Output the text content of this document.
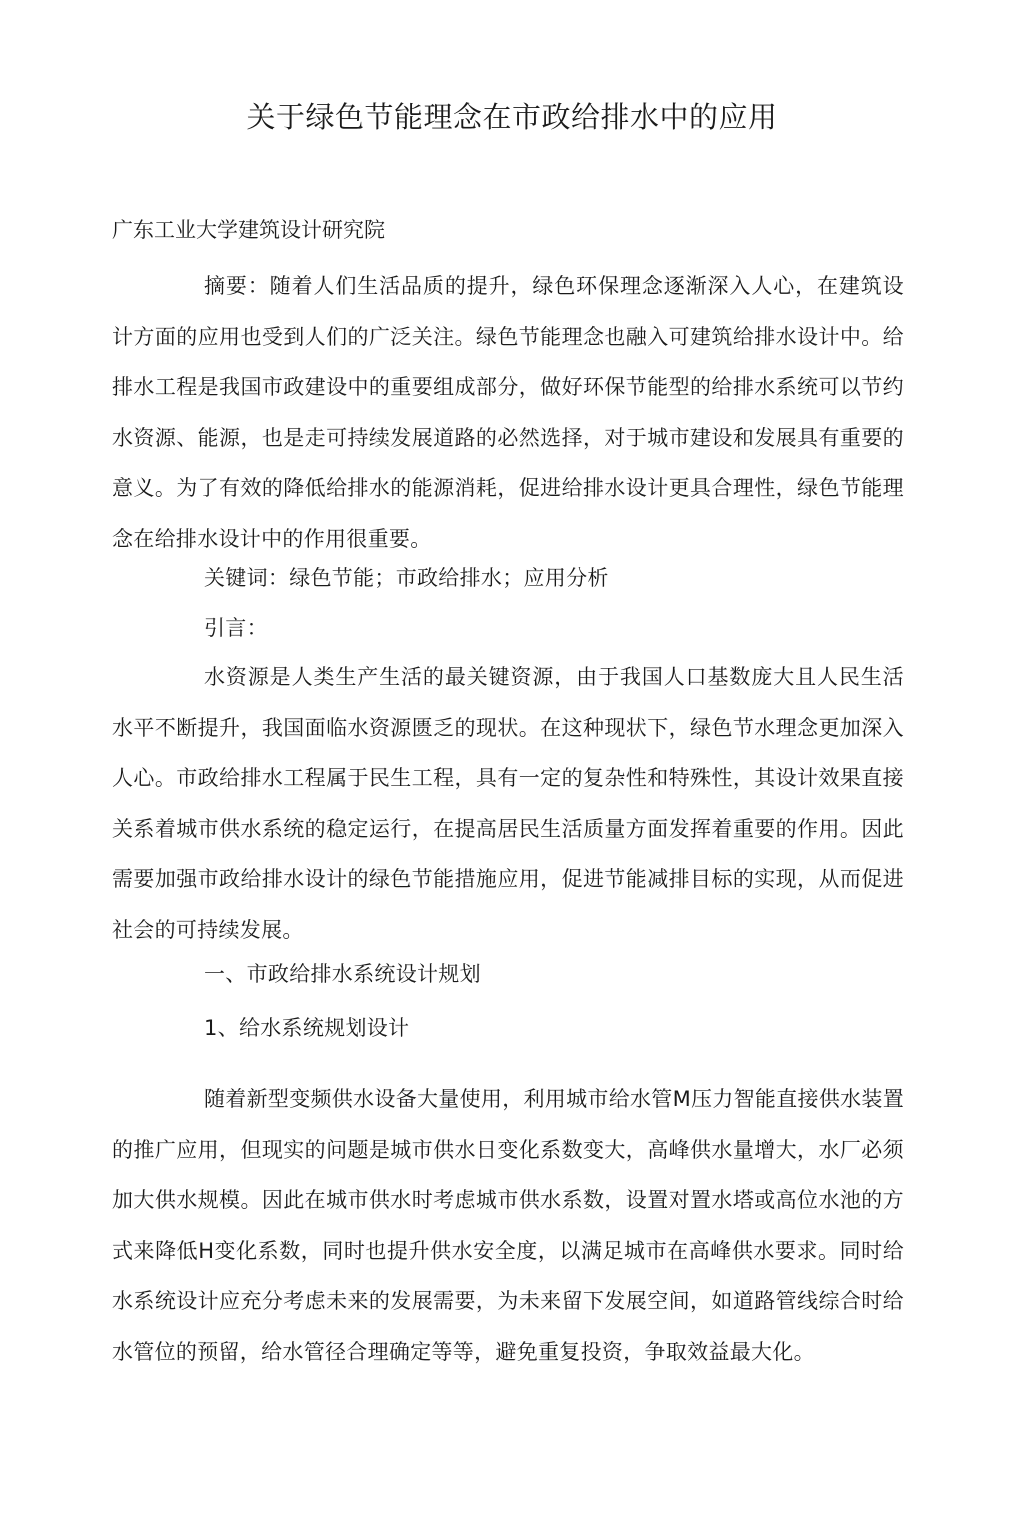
关于绿色节能理念在市政给排水中的应用
广东工业大学建筑设计研究院

摘要：随着人们生活品质的提升，绿色环保理念逐渐深入人心，在建筑设计方面的应用也受到人们的广泛关注。绿色节能理念也融入可建筑给排水设计中。给排水工程是我国市政建设中的重要组成部分，做好环保节能型的给排水系统可以节约水资源、能源，也是走可持续发展道路的必然选择，对于城市建设和发展具有重要的意义。为了有效的降低给排水的能源消耗，促进给排水设计更具合理性，绿色节能理念在给排水设计中的作用很重要。

关键词：绿色节能；市政给排水；应用分析
引言：

水资源是人类生产生活的最关键资源，由于我国人口基数庞大且人民生活水平不断提升，我国面临水资源匮乏的现状。在这种现状下，绿色节水理念更加深入人心。市政给排水工程属于民生工程，具有一定的复杂性和特殊性，其设计效果直接关系着城市供水系统的稳定运行，在提高居民生活质量方面发挥着重要的作用。因此需要加强市政给排水设计的绿色节能措施应用，促进节能减排目标的实现，从而促进社会的可持续发展。

一、市政给排水系统设计规划
1、给水系统规划设计

随着新型变频供水设备大量使用，利用城市给水管M压力智能直接供水装置的推广应用，但现实的问题是城市供水日变化系数变大，高峰供水量增大，水厂必须加大供水规模。因此在城市供水时考虑城市供水系数，设置对置水塔或高位水池的方式来降低H变化系数，同时也提升供水安全度，以满足城市在高峰供水要求。同时给水系统设计应充分考虑未来的发展需要，为未来留下发展空间，如道路管线综合时给水管位的预留，给水管径合理确定等等，避免重复投资，争取效益最大化。
